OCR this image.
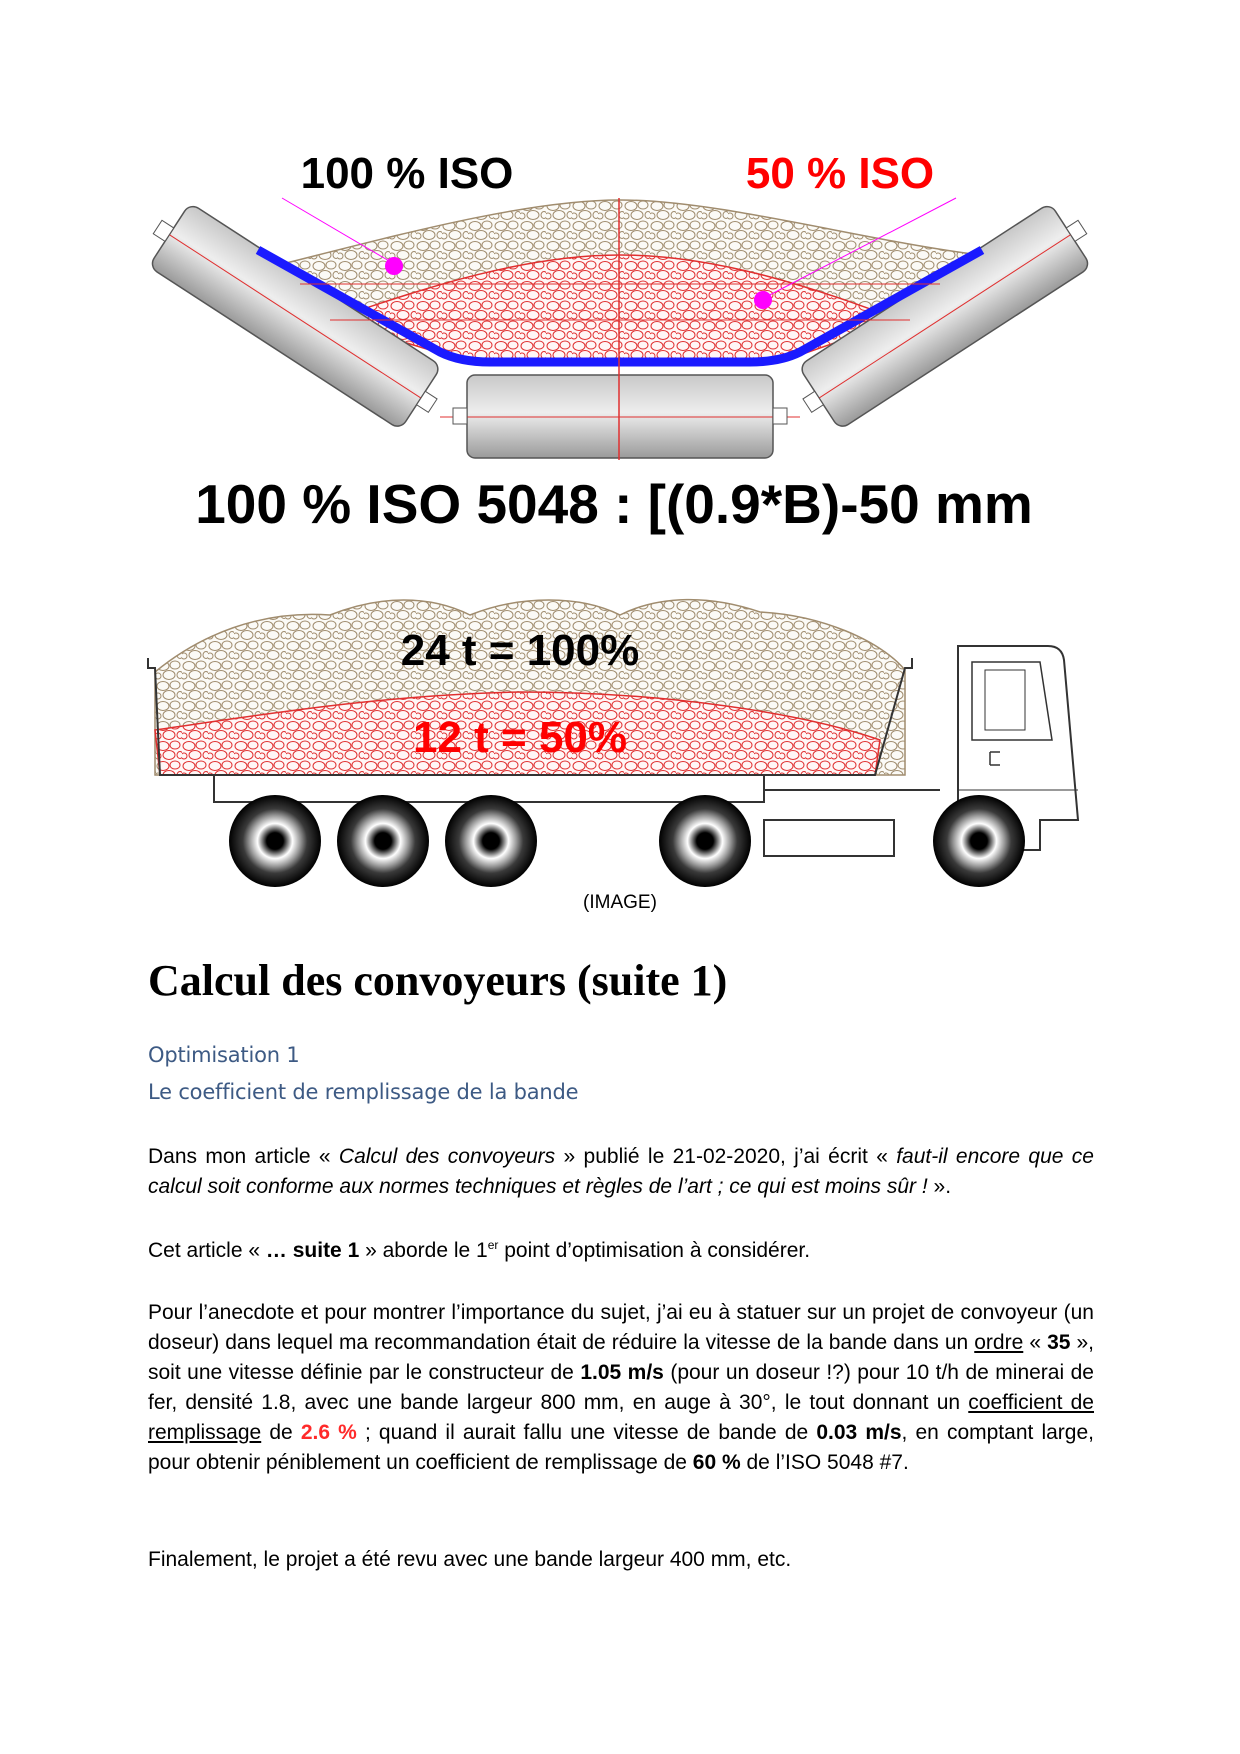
100 % ISO	50 % ISO
100 % ISO 5048 : [(0.9*B)-50 mm
24 t = 100%
12 t = 50%
(IMAGE)
Calcul des convoyeurs (suite 1)
Optimisation 1
Le coefficient de remplissage de la bande

Dans mon article « Calcul des convoyeurs » publié le 21-02-2020, j’ai écrit « faut-il encore que ce calcul soit conforme aux normes techniques et règles de l’art ; ce qui est moins sûr ! ».

Cet article « … suite 1 » aborde le 1er point d’optimisation à considérer.

Pour l’anecdote et pour montrer l’importance du sujet, j’ai eu à statuer sur un projet de convoyeur (un doseur) dans lequel ma recommandation était de réduire la vitesse de la bande dans un ordre « 35 », soit une vitesse définie par le constructeur de 1.05 m/s (pour un doseur !?) pour 10 t/h de minerai de fer, densité 1.8, avec une bande largeur 800 mm, en auge à 30°, le tout donnant un coefficient de remplissage de 2.6 % ; quand il aurait fallu une vitesse de bande de 0.03 m/s, en comptant large, pour obtenir péniblement un coefficient de remplissage de 60 % de l’ISO 5048 #7.

Finalement, le projet a été revu avec une bande largeur 400 mm, etc.
